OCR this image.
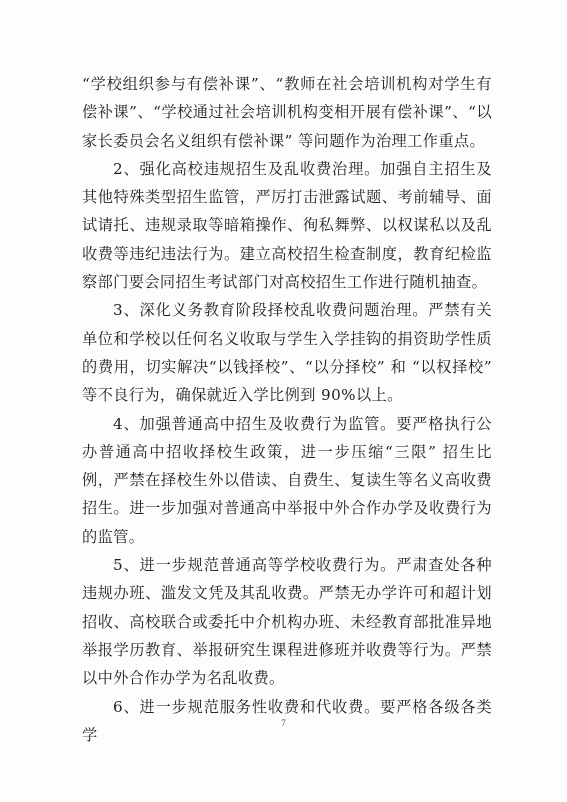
“学校组织参与有偿补课”、“教师在社会培训机构对学生有偿补课”、“学校通过社会培训机构变相开展有偿补课”、“以家长委员会名义组织有偿补课” 等问题作为治理工作重点。

2、强化高校违规招生及乱收费治理。加强自主招生及其他特殊类型招生监管，严厉打击泄露试题、考前辅导、面试请托、违规录取等暗箱操作、徇私舞弊、以权谋私以及乱收费等违纪违法行为。建立高校招生检查制度，教育纪检监察部门要会同招生考试部门对高校招生工作进行随机抽查。

3、深化义务教育阶段择校乱收费问题治理。严禁有关单位和学校以任何名义收取与学生入学挂钩的捐资助学性质的费用，切实解决“以钱择校”、“以分择校” 和 “以权择校” 等不良行为，确保就近入学比例到 90%以上。

4、加强普通高中招生及收费行为监管。要严格执行公办普通高中招收择校生政策，进一步压缩“三限” 招生比例，严禁在择校生外以借读、自费生、复读生等名义高收费招生。进一步加强对普通高中举报中外合作办学及收费行为的监管。

5、进一步规范普通高等学校收费行为。严肃查处各种违规办班、滥发文凭及其乱收费。严禁无办学许可和超计划招收、高校联合或委托中介机构办班、未经教育部批准异地举报学历教育、举报研究生课程进修班并收费等行为。严禁以中外合作办学为名乱收费。

6、进一步规范服务性收费和代收费。要严格各级各类学

7
